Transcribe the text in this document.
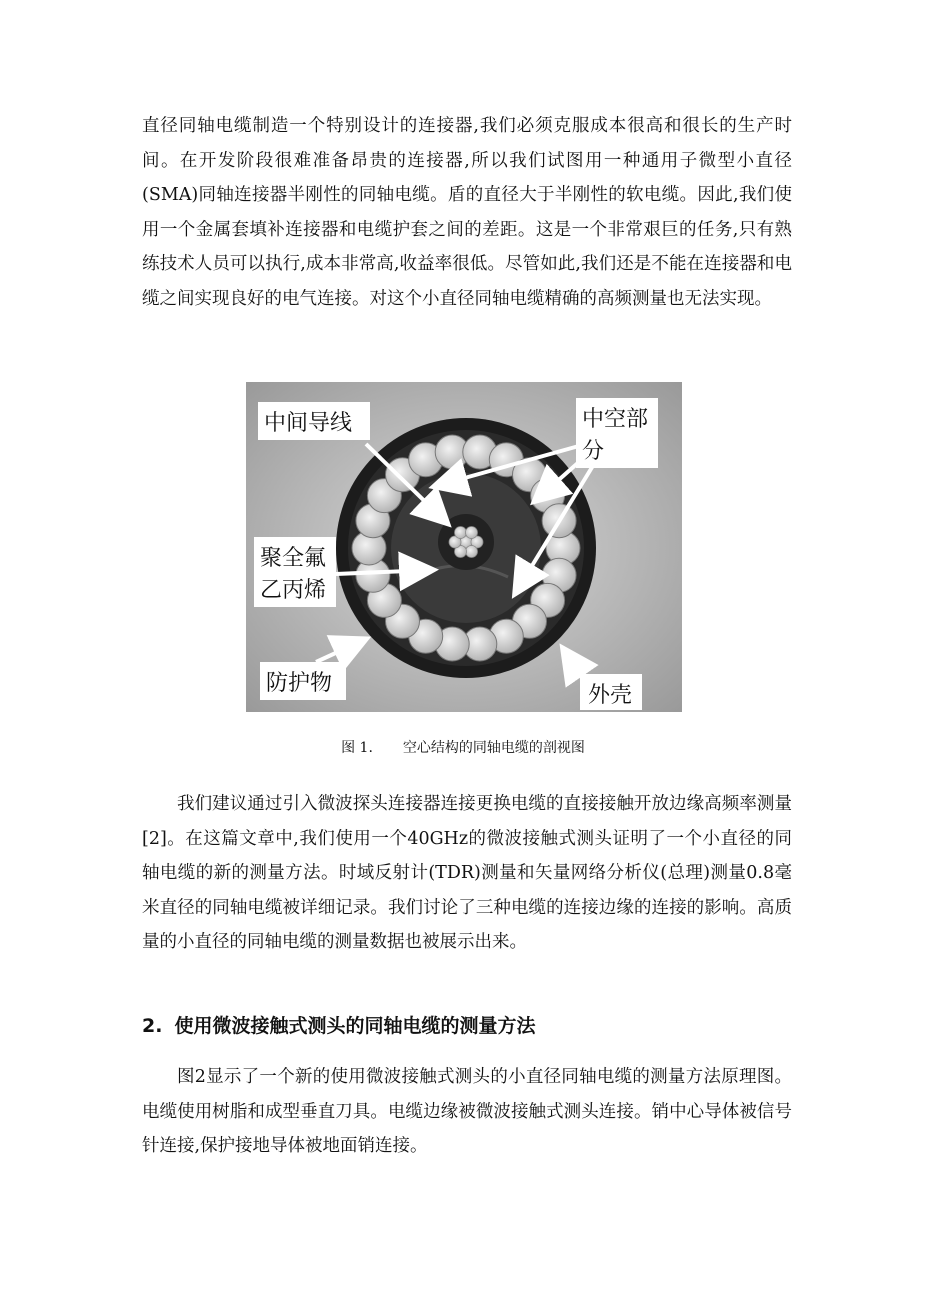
直径同轴电缆制造一个特别设计的连接器,我们必须克服成本很高和很长的生产时间。在开发阶段很难准备昂贵的连接器,所以我们试图用一种通用子微型小直径(SMA)同轴连接器半刚性的同轴电缆。盾的直径大于半刚性的软电缆。因此,我们使用一个金属套填补连接器和电缆护套之间的差距。这是一个非常艰巨的任务,只有熟练技术人员可以执行,成本非常高,收益率很低。尽管如此,我们还是不能在连接器和电缆之间实现良好的电气连接。对这个小直径同轴电缆精确的高频测量也无法实现。

中间导线	中空部
分
聚全氟
乙丙烯
防护物	外壳
图 1. 空心结构的同轴电缆的剖视图

我们建议通过引入微波探头连接器连接更换电缆的直接接触开放边缘高频率测量[2]。在这篇文章中,我们使用一个40GHz的微波接触式测头证明了一个小直径的同轴电缆的新的测量方法。时域反射计(TDR)测量和矢量网络分析仪(总理)测量0.8毫米直径的同轴电缆被详细记录。我们讨论了三种电缆的连接边缘的连接的影响。高质量的小直径的同轴电缆的测量数据也被展示出来。

2. 使用微波接触式测头的同轴电缆的测量方法

图2显示了一个新的使用微波接触式测头的小直径同轴电缆的测量方法原理图。电缆使用树脂和成型垂直刀具。电缆边缘被微波接触式测头连接。销中心导体被信号针连接,保护接地导体被地面销连接。
